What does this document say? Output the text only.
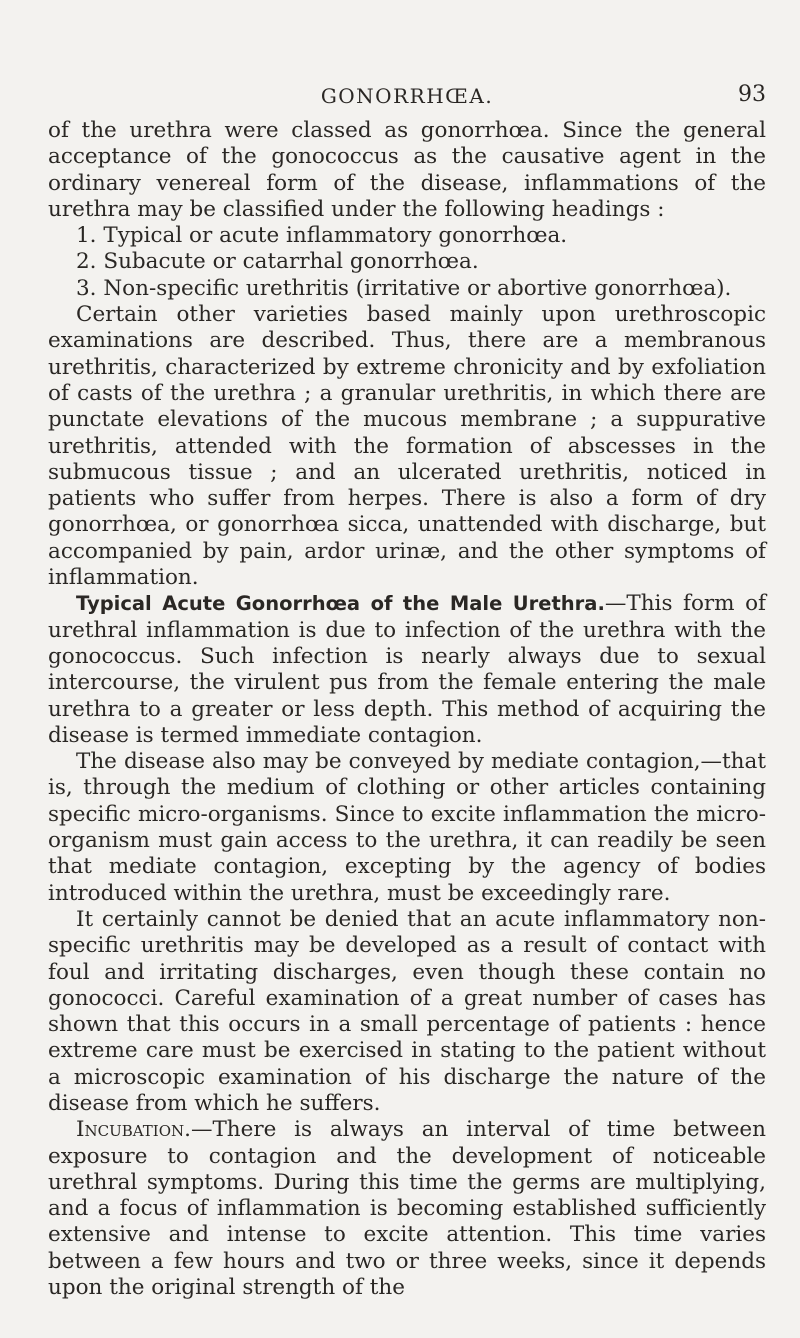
GONORRHŒA.	93

of the urethra were classed as gonorrhœa. Since the general acceptance of the gonococcus as the causative agent in the ordinary venereal form of the disease, inflammations of the urethra may be classified under the following headings :

1. Typical or acute inflammatory gonorrhœa.

2. Subacute or catarrhal gonorrhœa.

3. Non-specific urethritis (irritative or abortive gonorrhœa).

Certain other varieties based mainly upon urethroscopic examinations are described. Thus, there are a membranous urethritis, characterized by extreme chronicity and by exfoliation of casts of the urethra ; a granular urethritis, in which there are punctate elevations of the mucous membrane ; a suppurative urethritis, attended with the formation of abscesses in the submucous tissue ; and an ulcerated urethritis, noticed in patients who suffer from herpes. There is also a form of dry gonorrhœa, or gonorrhœa sicca, unattended with discharge, but accompanied by pain, ardor urinæ, and the other symptoms of inflammation.

Typical Acute Gonorrhœa of the Male Urethra.—This form of urethral inflammation is due to infection of the urethra with the gonococcus. Such infection is nearly always due to sexual intercourse, the virulent pus from the female entering the male urethra to a greater or less depth. This method of acquiring the disease is termed immediate contagion.

The disease also may be conveyed by mediate contagion,—that is, through the medium of clothing or other articles containing specific micro-organisms. Since to excite inflammation the micro-organism must gain access to the urethra, it can readily be seen that mediate contagion, excepting by the agency of bodies introduced within the urethra, must be exceedingly rare.

It certainly cannot be denied that an acute inflammatory non-specific urethritis may be developed as a result of contact with foul and irritating discharges, even though these contain no gonococci. Careful examination of a great number of cases has shown that this occurs in a small percentage of patients : hence extreme care must be exercised in stating to the patient without a microscopic examination of his discharge the nature of the disease from which he suffers.

Incubation.—There is always an interval of time between exposure to contagion and the development of noticeable urethral symptoms. During this time the germs are multiplying, and a focus of inflammation is becoming established sufficiently extensive and intense to excite attention. This time varies between a few hours and two or three weeks, since it depends upon the original strength of the
